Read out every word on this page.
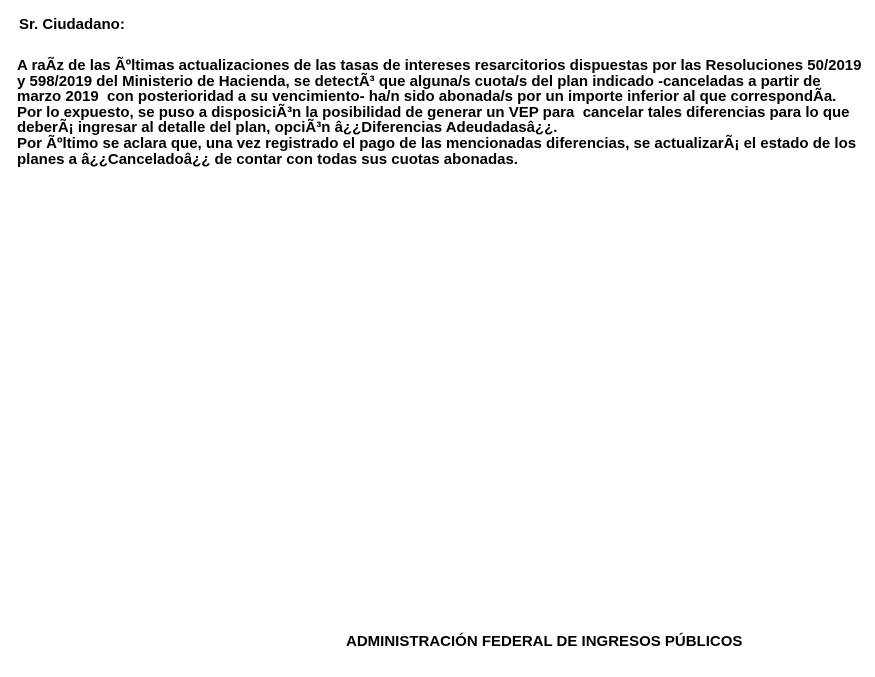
Sr. Ciudadano:

A raÃz de las Ãºltimas actualizaciones de las tasas de intereses resarcitorios dispuestas por las Resoluciones 50/2019 y 598/2019 del Ministerio de Hacienda, se detectÃ³ que alguna/s cuota/s del plan indicado -canceladas a partir de marzo 2019  con posterioridad a su vencimiento- ha/n sido abonada/s por un importe inferior al que correspondÃa.

Por lo expuesto, se puso a disposiciÃ³n la posibilidad de generar un VEP para  cancelar tales diferencias para lo que deberÃ¡ ingresar al detalle del plan, opciÃ³n â¿¿Diferencias Adeudadasâ¿¿.

Por Ãºltimo se aclara que, una vez registrado el pago de las mencionadas diferencias, se actualizarÃ¡ el estado de los planes a â¿¿Canceladoâ¿¿ de contar con todas sus cuotas abonadas.

ADMINISTRACIÓN FEDERAL DE INGRESOS PÚBLICOS
